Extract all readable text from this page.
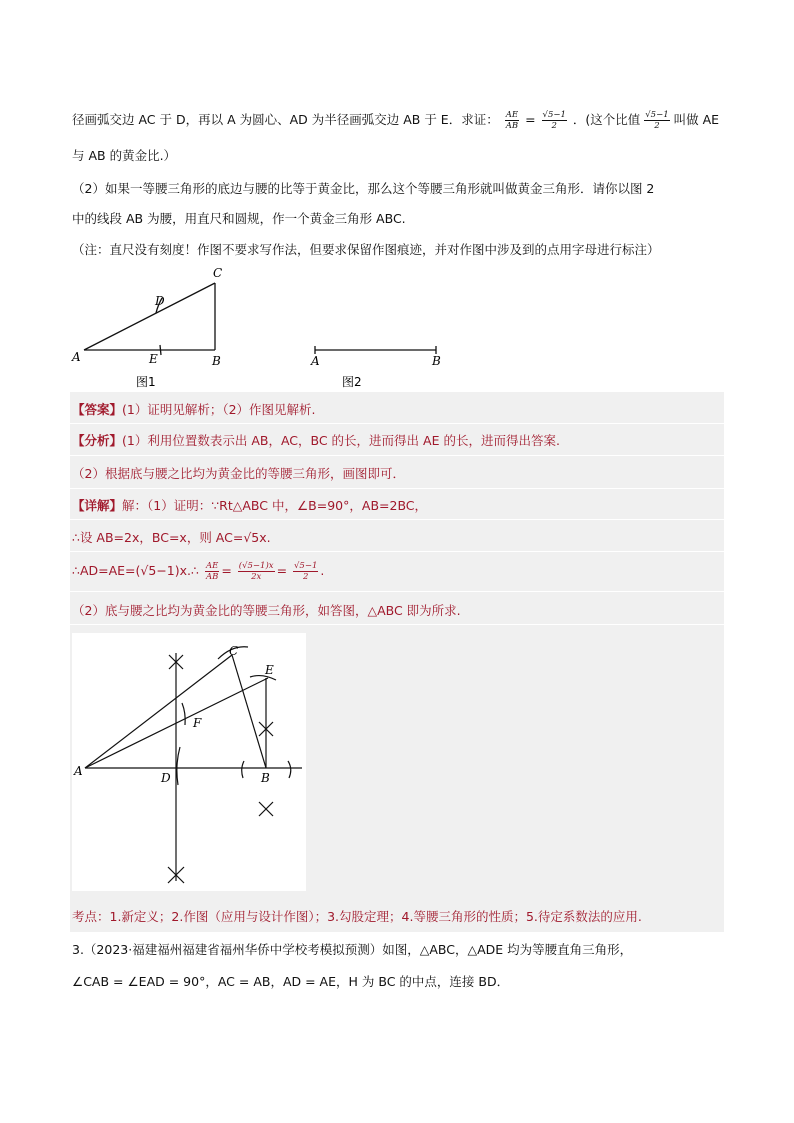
径画弧交边 AC 于 D，再以 A 为圆心、AD 为半径画弧交边 AB 于 E．求证： $\frac{AE}{AB} = \frac{√5-1}{2}$ ．(这个比值 $\frac{√5-1}{2}$ 叫做 AE
与 AB 的黄金比.）
（2）如果一等腰三角形的底边与腰的比等于黄金比，那么这个等腰三角形就叫做黄金三角形．请你以图 2
中的线段 AB 为腰，用直尺和圆规，作一个黄金三角形 ABC.
（注：直尺没有刻度！作图不要求写作法，但要求保留作图痕迹，并对作图中涉及到的点用字母进行标注）
A	B
C
D
E	A	B
图1	图2
【答案】(1）证明见解析；（2）作图见解析.
【分析】(1）利用位置数表示出 AB，AC，BC 的长，进而得出 AE 的长，进而得出答案.
（2）根据底与腰之比均为黄金比的等腰三角形，画图即可．
【详解】解：（1）证明：∵Rt△ABC 中，∠B=90°，AB=2BC，
∴设 AB=2x，BC=x，则 AC=√5x.
∴AD=AE=(√5−1)x.∴ $\frac{AE}{AB} = \frac{(√5-1)x}{2x} = \frac{√5-1}{2}$ .
（2）底与腰之比均为黄金比的等腰三角形，如答图，△ABC 即为所求.
A	D	B
C
E
F
考点：1.新定义；2.作图（应用与设计作图）；3.勾股定理；4.等腰三角形的性质；5.待定系数法的应用.
3.（2023·福建福州福建省福州华侨中学校考模拟预测）如图，△ABC，△ADE 均为等腰直角三角形，
∠CAB = ∠EAD = 90°，AC = AB，AD = AE，H 为 BC 的中点，连接 BD．
